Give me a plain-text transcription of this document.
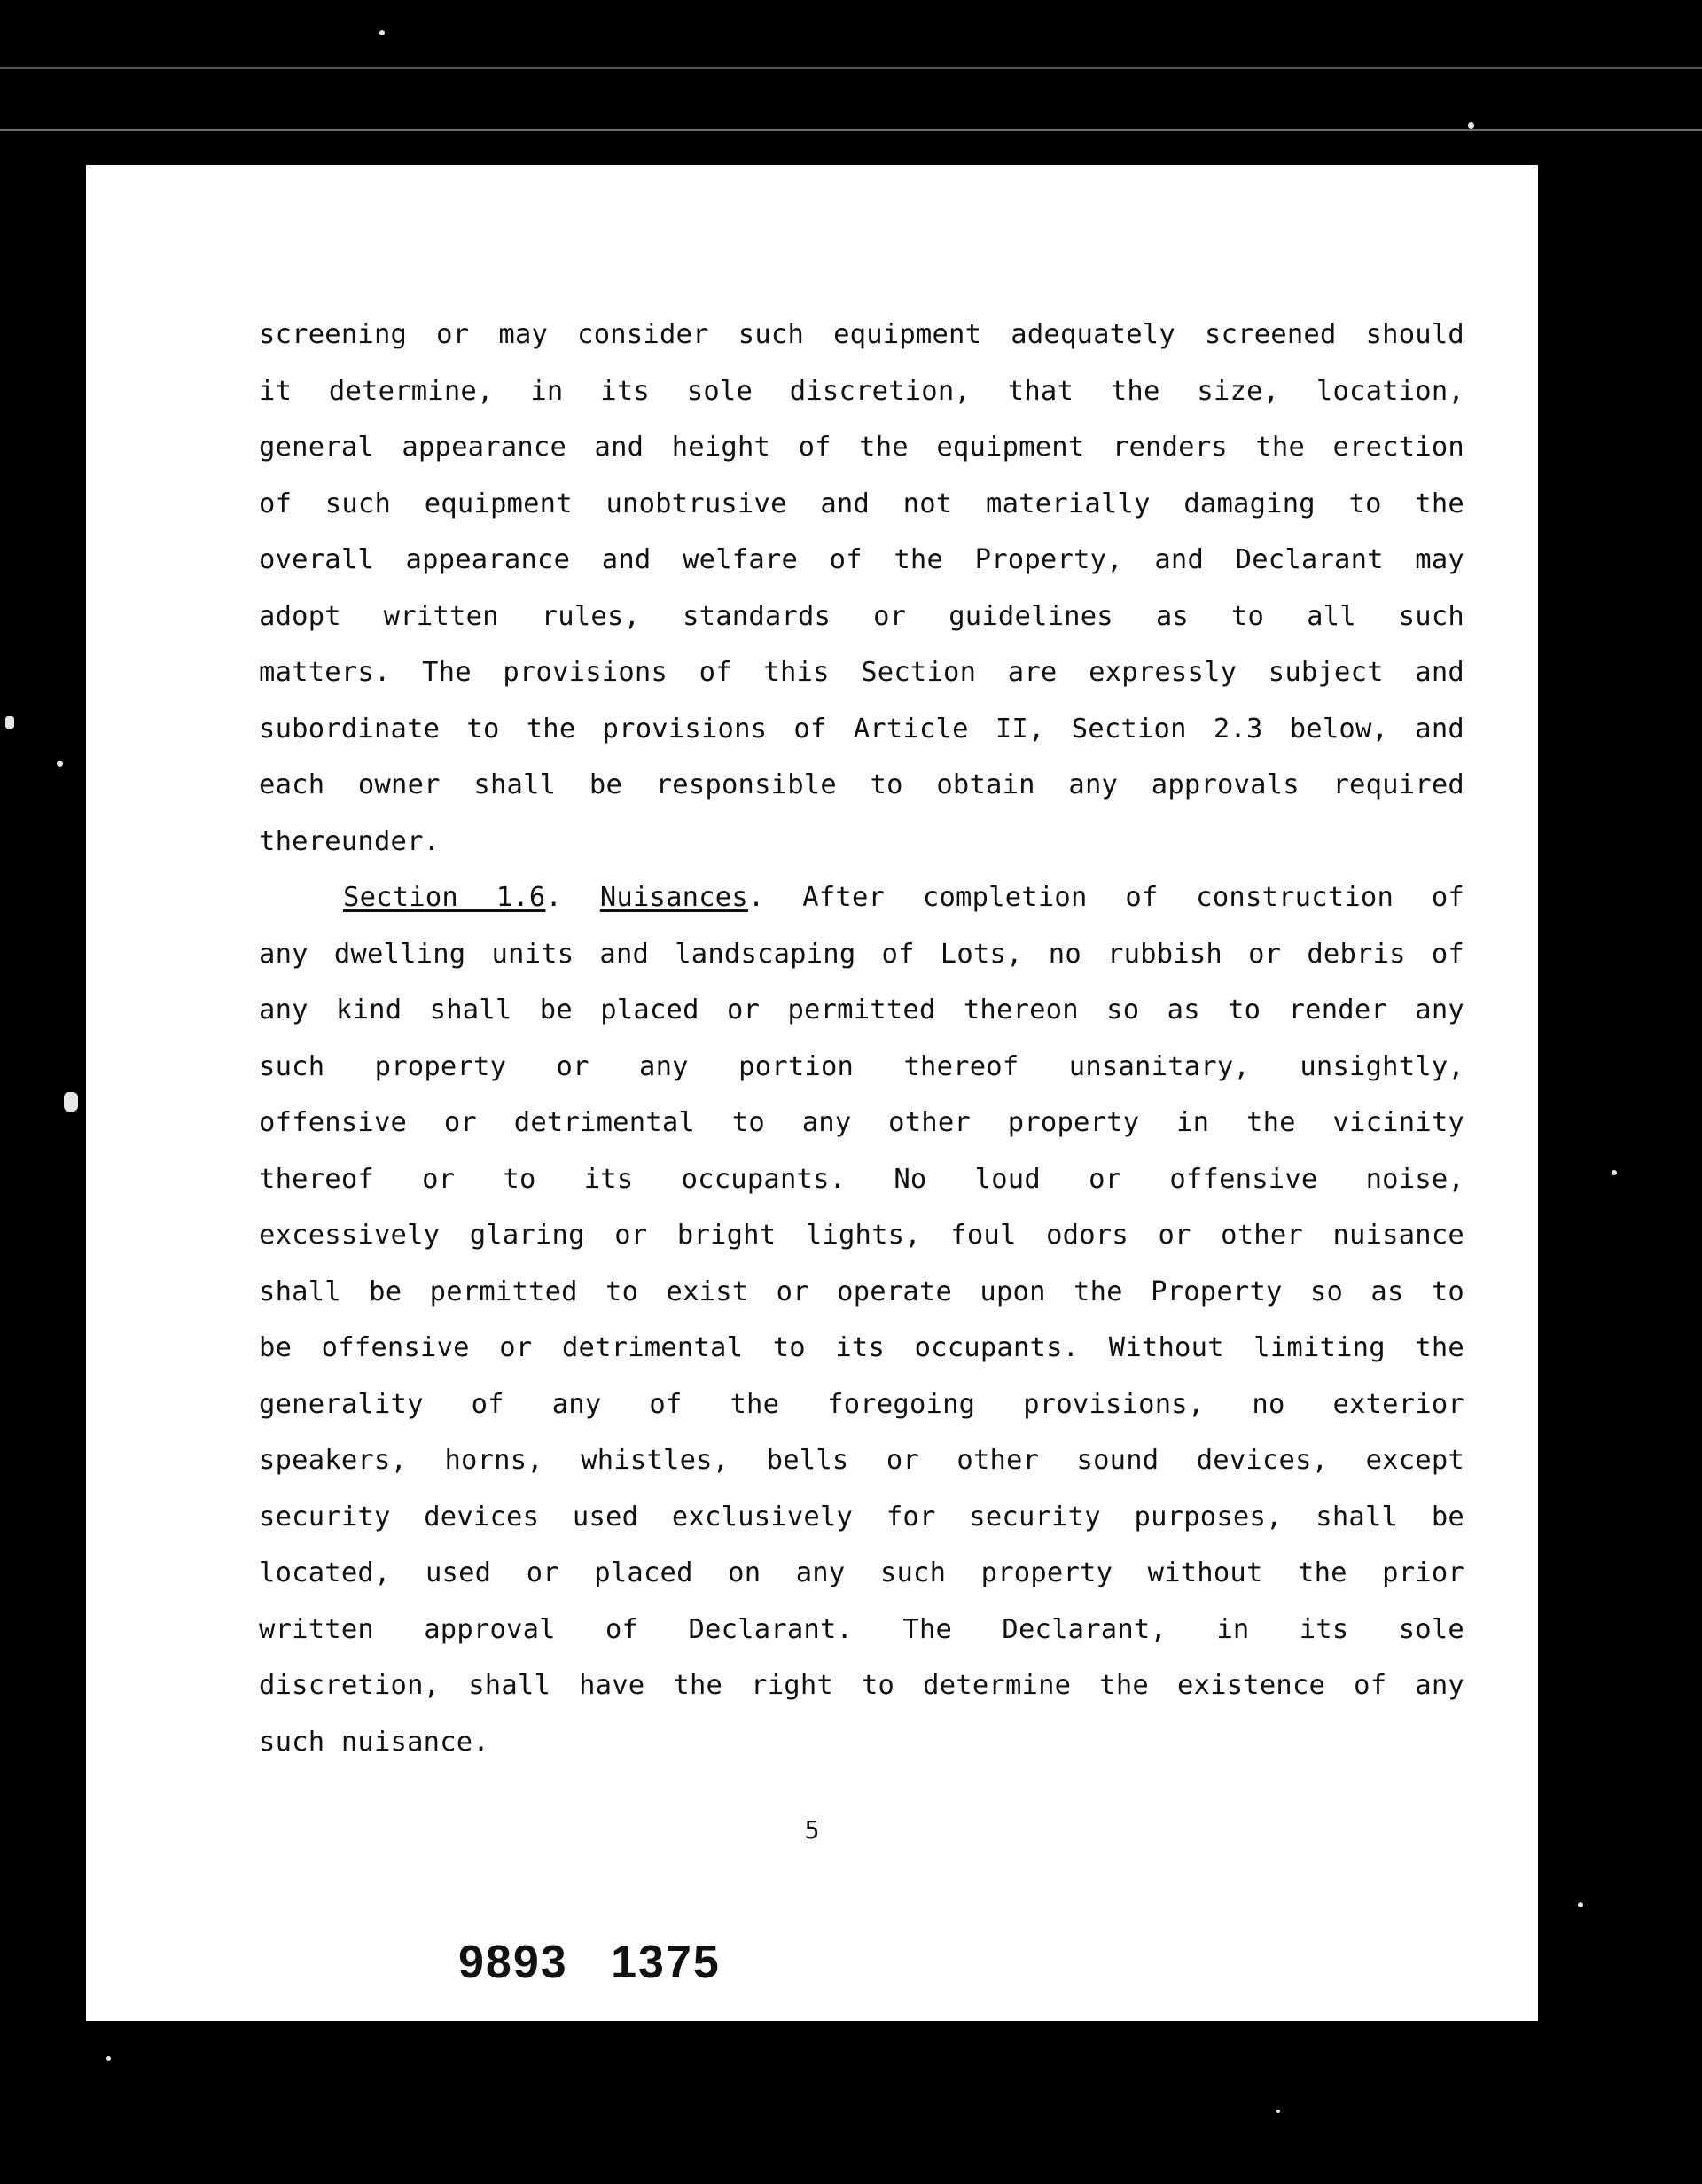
screening or may consider such equipment adequately screened should
it determine, in its sole discretion, that the size, location,
general appearance and height of the equipment renders the erection
of such equipment unobtrusive and not materially damaging to the
overall appearance and welfare of the Property, and Declarant may
adopt written rules, standards or guidelines as to all such
matters. The provisions of this Section are expressly subject and
subordinate to the provisions of Article II, Section 2.3 below, and
each owner shall be responsible to obtain any approvals required
thereunder.
Section 1.6. Nuisances. After completion of construction of
any dwelling units and landscaping of Lots, no rubbish or debris of
any kind shall be placed or permitted thereon so as to render any
such property or any portion thereof unsanitary, unsightly,
offensive or detrimental to any other property in the vicinity
thereof or to its occupants. No loud or offensive noise,
excessively glaring or bright lights, foul odors or other nuisance
shall be permitted to exist or operate upon the Property so as to
be offensive or detrimental to its occupants. Without limiting the
generality of any of the foregoing provisions, no exterior
speakers, horns, whistles, bells or other sound devices, except
security devices used exclusively for security purposes, shall be
located, used or placed on any such property without the prior
written approval of Declarant. The Declarant, in its sole
discretion, shall have the right to determine the existence of any
such nuisance.
5
9893 1375
